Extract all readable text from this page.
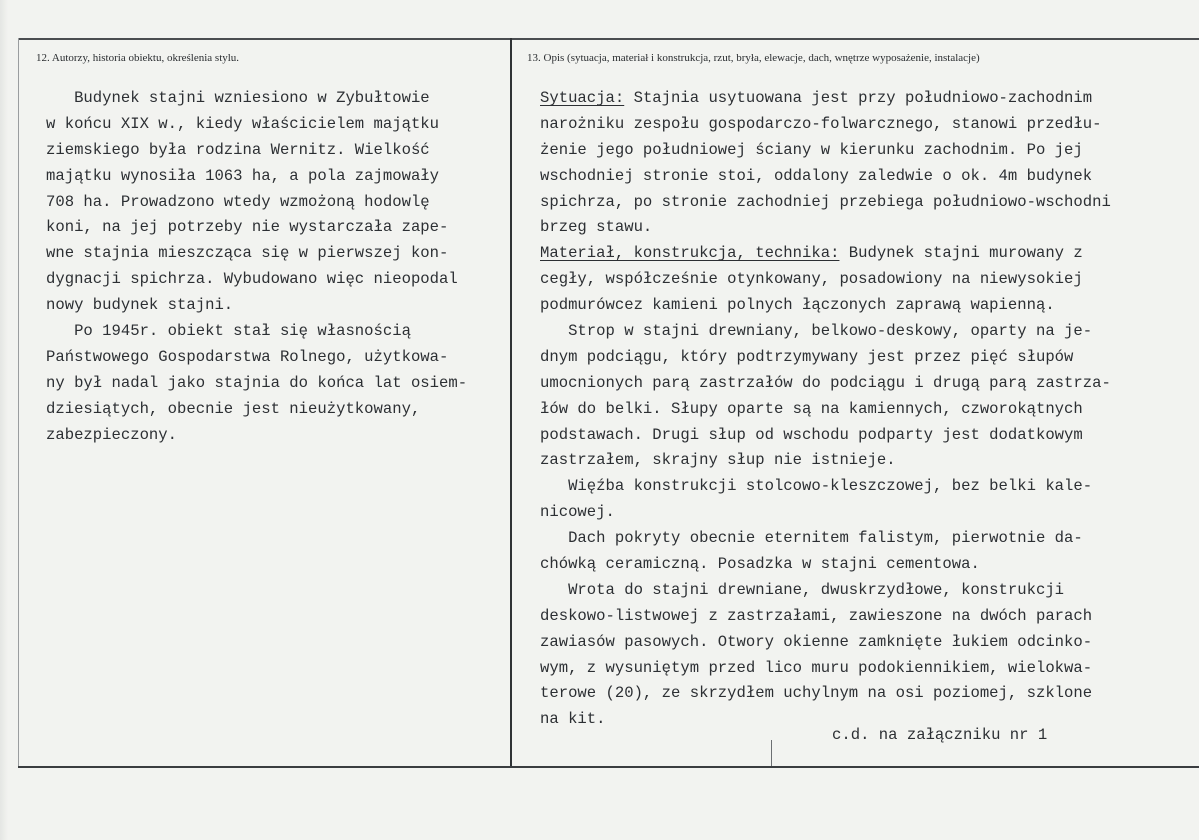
12. Autorzy, historia obiektu, określenia stylu.	13. Opis (sytuacja, materiał i konstrukcja, rzut, bryła, elewacje, dach, wnętrze wyposażenie, instalacje)
Budynek stajni wzniesiono w Zybułtowie
w końcu XIX w., kiedy właścicielem majątku
ziemskiego była rodzina Wernitz. Wielkość
majątku wynosiła 1063 ha, a pola zajmowały
708 ha. Prowadzono wtedy wzmożoną hodowlę
koni, na jej potrzeby nie wystarczała zape-
wne stajnia mieszcząca się w pierwszej kon-
dygnacji spichrza. Wybudowano więc nieopodal
nowy budynek stajni.
Po 1945r. obiekt stał się własnością
Państwowego Gospodarstwa Rolnego, użytkowa-
ny był nadal jako stajnia do końca lat osiem-
dziesiątych, obecnie jest nieużytkowany,
zabezpieczony.
Sytuacja: Stajnia usytuowana jest przy południowo-zachodnim
narożniku zespołu gospodarczo-folwarcznego, stanowi przedłu-
żenie jego południowej ściany w kierunku zachodnim. Po jej
wschodniej stronie stoi, oddalony zaledwie o ok. 4m budynek
spichrza, po stronie zachodniej przebiega południowo-wschodni
brzeg stawu.
Materiał, konstrukcja, technika: Budynek stajni murowany z
cegły, współcześnie otynkowany, posadowiony na niewysokiej
podmurówcez kamieni polnych łączonych zaprawą wapienną.
Strop w stajni drewniany, belkowo-deskowy, oparty na je-
dnym podciągu, który podtrzymywany jest przez pięć słupów
umocnionych parą zastrzałów do podciągu i drugą parą zastrza-
łów do belki. Słupy oparte są na kamiennych, czworokątnych
podstawach. Drugi słup od wschodu podparty jest dodatkowym
zastrzałem, skrajny słup nie istnieje.
Więźba konstrukcji stolcowo-kleszczowej, bez belki kale-
nicowej.
Dach pokryty obecnie eternitem falistym, pierwotnie da-
chówką ceramiczną. Posadzka w stajni cementowa.
Wrota do stajni drewniane, dwuskrzydłowe, konstrukcji
deskowo-listwowej z zastrzałami, zawieszone na dwóch parach
zawiasów pasowych. Otwory okienne zamknięte łukiem odcinko-
wym, z wysuniętym przed lico muru podokiennikiem, wielokwa-
terowe (20), ze skrzydłem uchylnym na osi poziomej, szklone
na kit.
c.d. na załączniku nr 1
